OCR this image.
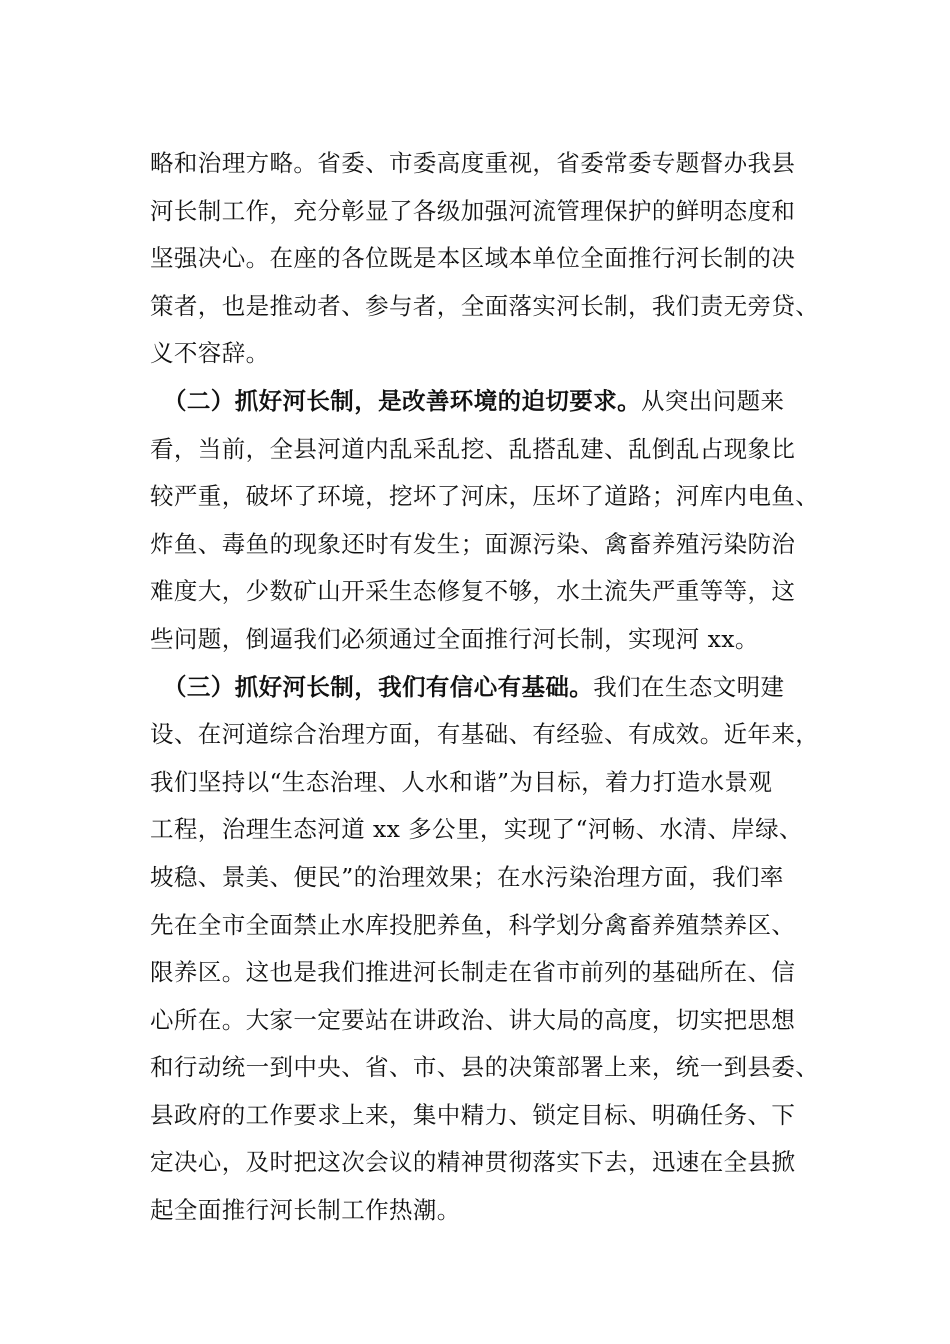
略和治理方略。省委、市委高度重视，省委常委专题督办我县
河长制工作，充分彰显了各级加强河流管理保护的鲜明态度和
坚强决心。在座的各位既是本区域本单位全面推行河长制的决
策者，也是推动者、参与者，全面落实河长制，我们责无旁贷、
义不容辞。
（二）抓好河长制，是改善环境的迫切要求。从突出问题来
看，当前，全县河道内乱采乱挖、乱搭乱建、乱倒乱占现象比
较严重，破坏了环境，挖坏了河床，压坏了道路；河库内电鱼、
炸鱼、毒鱼的现象还时有发生；面源污染、禽畜养殖污染防治
难度大，少数矿山开采生态修复不够，水土流失严重等等，这
些问题，倒逼我们必须通过全面推行河长制，实现河 xx。
（三）抓好河长制，我们有信心有基础。我们在生态文明建
设、在河道综合治理方面，有基础、有经验、有成效。近年来，
我们坚持以“生态治理、人水和谐”为目标，着力打造水景观
工程，治理生态河道 xx 多公里，实现了“河畅、水清、岸绿、
坡稳、景美、便民”的治理效果；在水污染治理方面，我们率
先在全市全面禁止水库投肥养鱼，科学划分禽畜养殖禁养区、
限养区。这也是我们推进河长制走在省市前列的基础所在、信
心所在。大家一定要站在讲政治、讲大局的高度，切实把思想
和行动统一到中央、省、市、县的决策部署上来，统一到县委、
县政府的工作要求上来，集中精力、锁定目标、明确任务、下
定决心，及时把这次会议的精神贯彻落实下去，迅速在全县掀
起全面推行河长制工作热潮。
